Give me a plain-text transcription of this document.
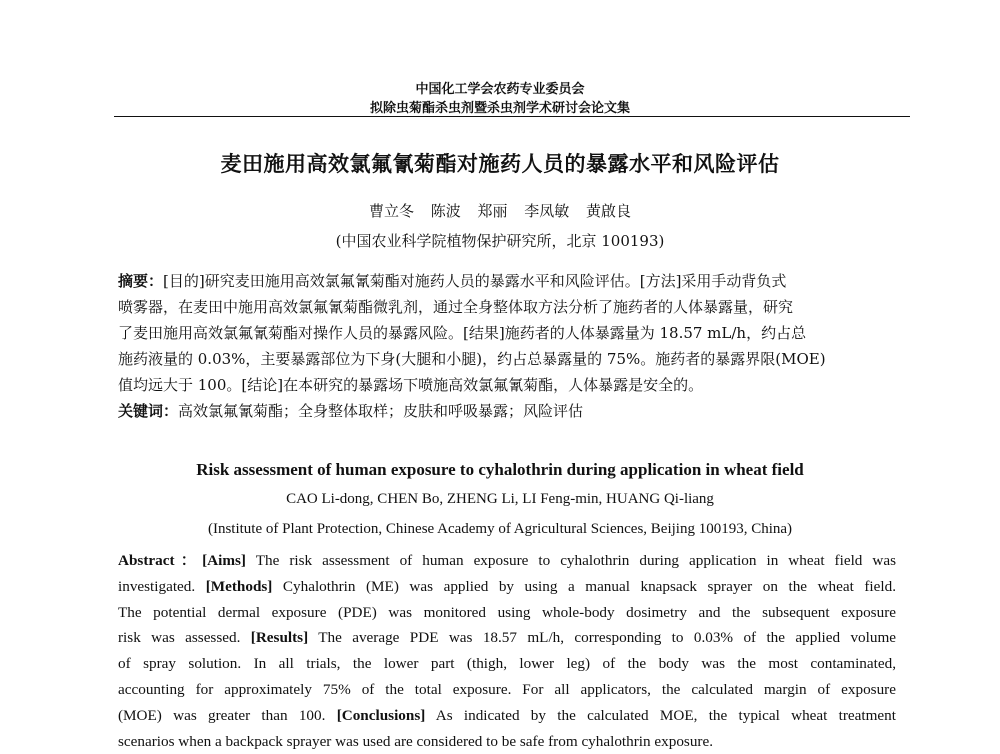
中国化工学会农药专业委员会
拟除虫菊酯杀虫剂暨杀虫剂学术研讨会论文集
麦田施用高效氯氟氰菊酯对施药人员的暴露水平和风险评估
曹立冬 陈波 郑丽 李凤敏 黄啟良
(中国农业科学院植物保护研究所，北京 100193)
摘要：[目的]研究麦田施用高效氯氟氰菊酯对施药人员的暴露水平和风险评估。[方法]采用手动背负式
喷雾器，在麦田中施用高效氯氟氰菊酯微乳剂，通过全身整体取方法分析了施药者的人体暴露量，研究
了麦田施用高效氯氟氰菊酯对操作人员的暴露风险。[结果]施药者的人体暴露量为 18.57 mL/h，约占总
施药液量的 0.03%，主要暴露部位为下身(大腿和小腿)，约占总暴露量的 75%。施药者的暴露界限(MOE)
值均远大于 100。[结论]在本研究的暴露场下喷施高效氯氟氰菊酯，人体暴露是安全的。
关键词：高效氯氟氰菊酯；全身整体取样；皮肤和呼吸暴露；风险评估
Risk assessment of human exposure to cyhalothrin during application in wheat field
CAO Li-dong, CHEN Bo, ZHENG Li, LI Feng-min, HUANG Qi-liang
(Institute of Plant Protection, Chinese Academy of Agricultural Sciences, Beijing 100193, China)
Abstract：[Aims] The risk assessment of human exposure to cyhalothrin during application in wheat field was
investigated. [Methods] Cyhalothrin (ME) was applied by using a manual knapsack sprayer on the wheat field.
The potential dermal exposure (PDE) was monitored using whole-body dosimetry and the subsequent exposure
risk was assessed. [Results] The average PDE was 18.57 mL/h, corresponding to 0.03% of the applied volume
of spray solution. In all trials, the lower part (thigh, lower leg) of the body was the most contaminated,
accounting for approximately 75% of the total exposure. For all applicators, the calculated margin of exposure
(MOE) was greater than 100. [Conclusions] As indicated by the calculated MOE, the typical wheat treatment
scenarios when a backpack sprayer was used are considered to be safe from cyhalothrin exposure.
